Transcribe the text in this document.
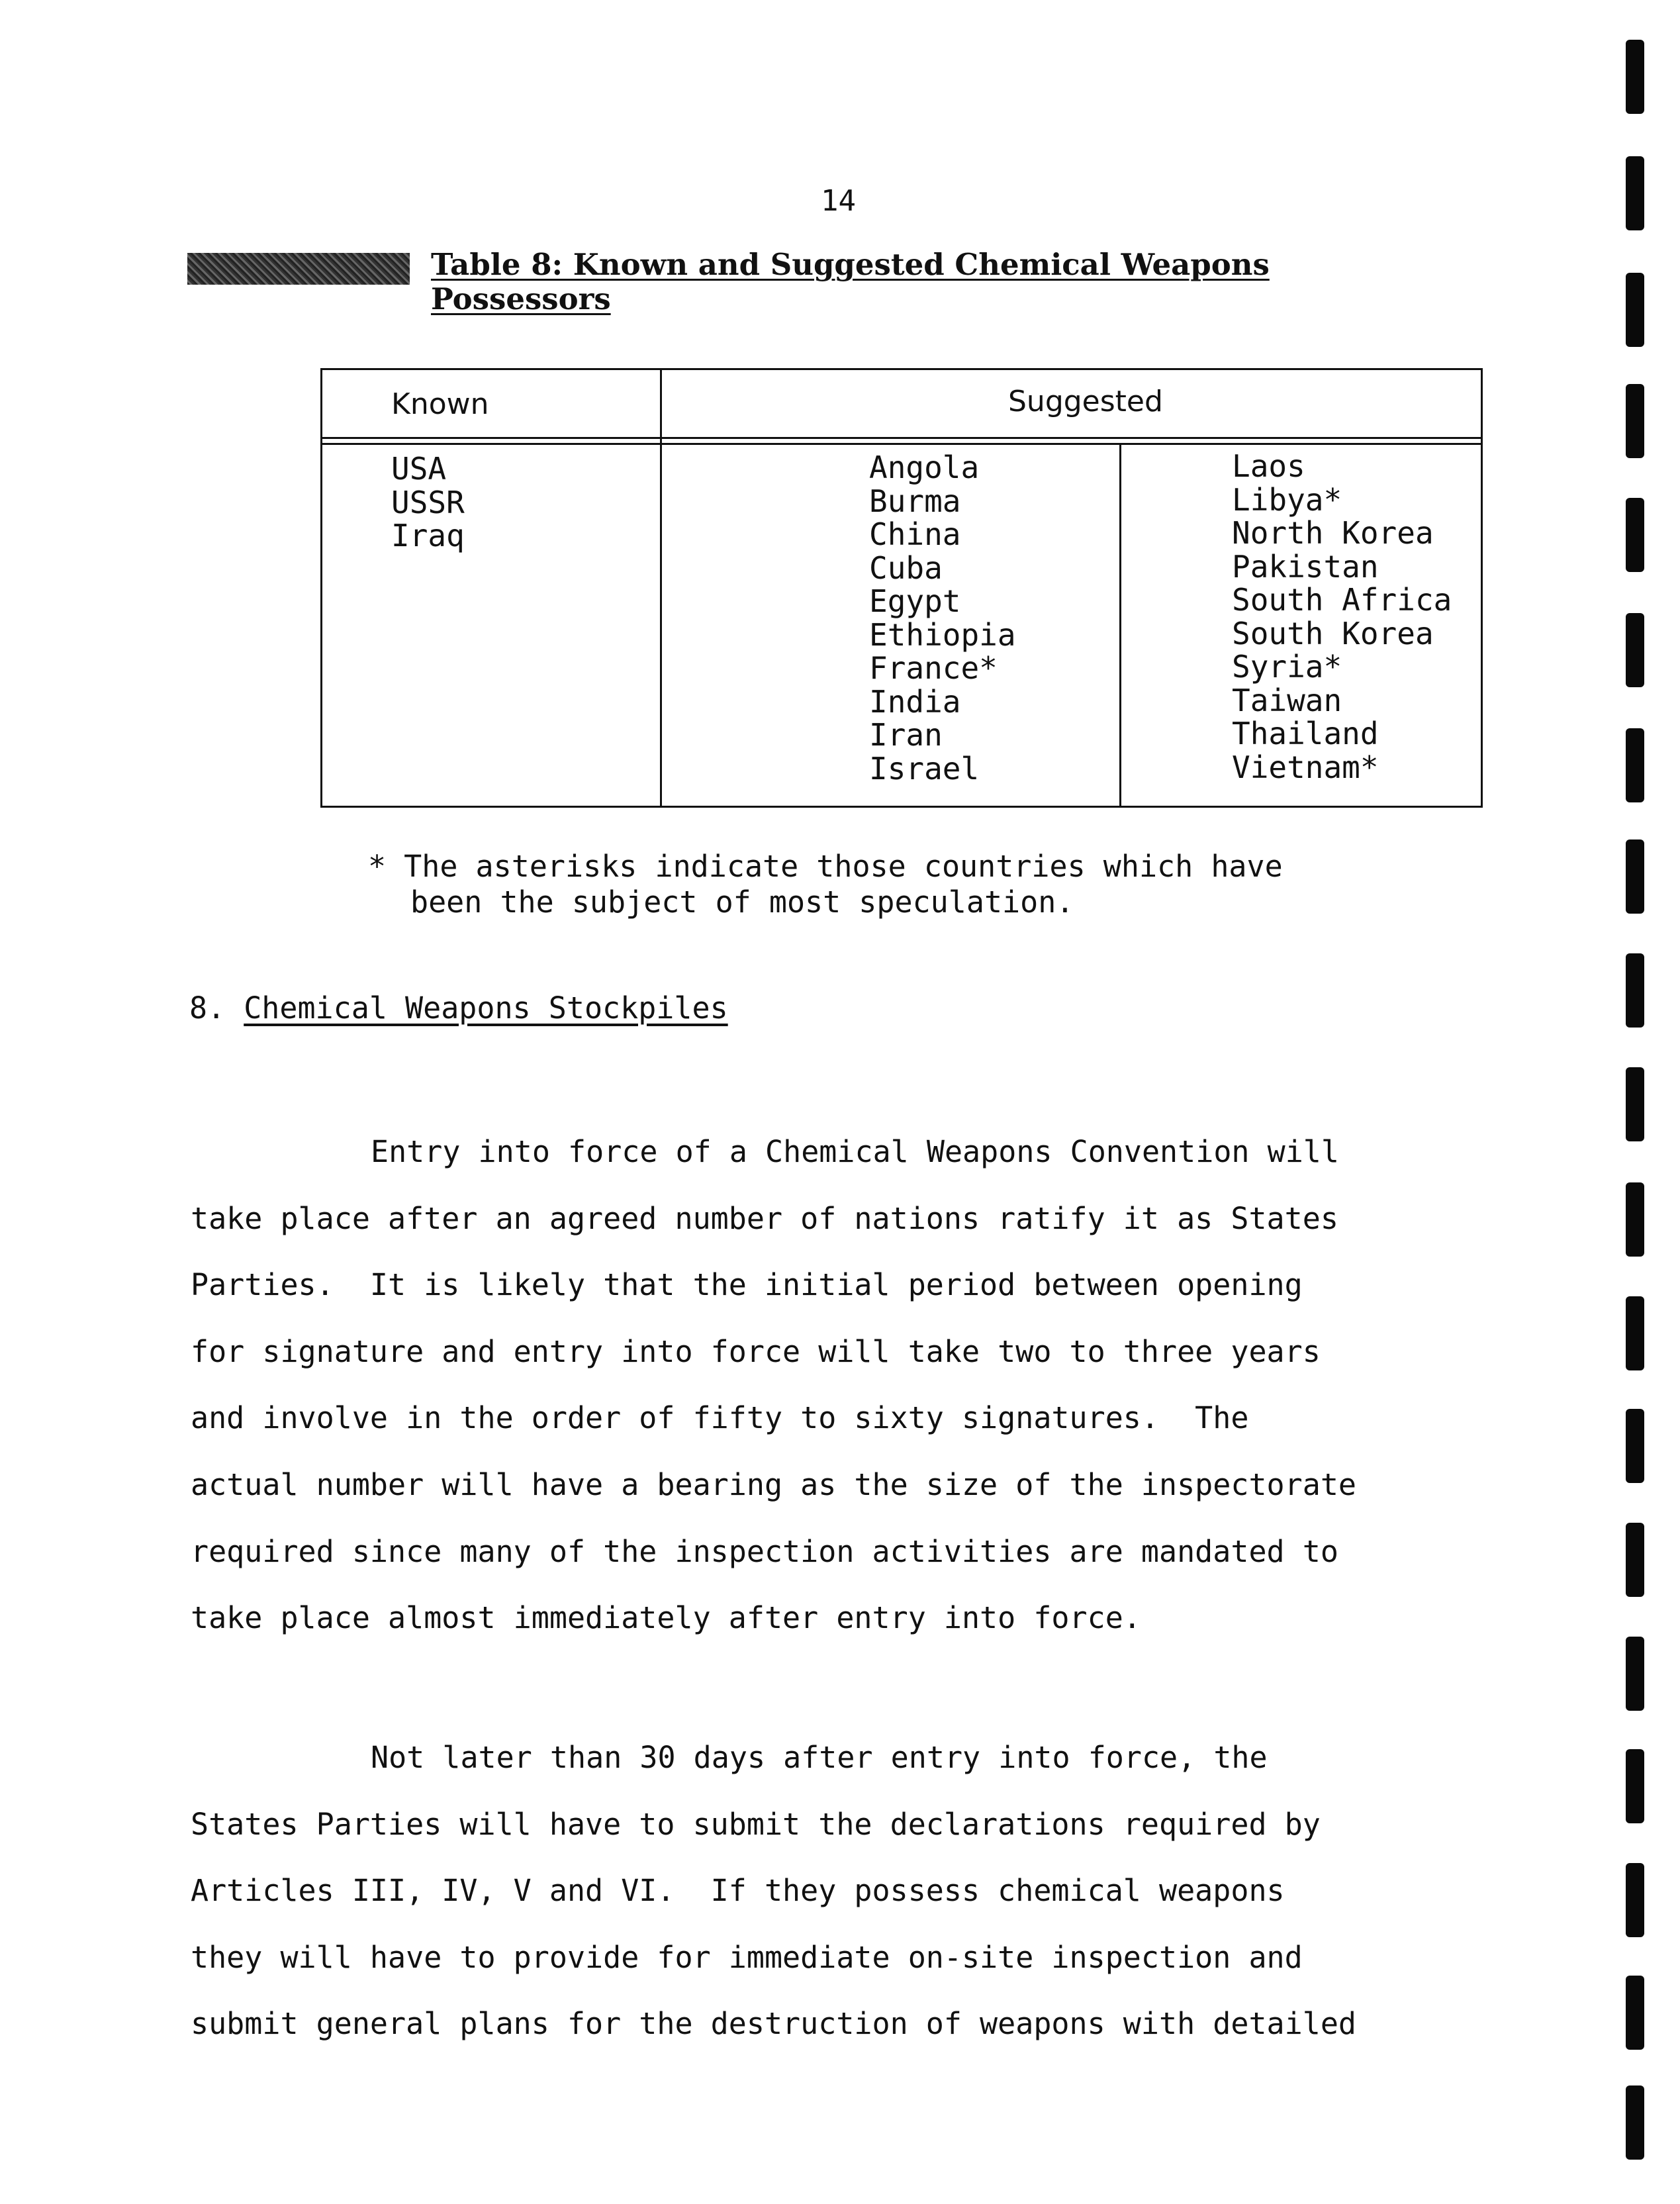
14
Table 8: Known and Suggested Chemical Weapons Possessors
Known	Suggested
USA
USSR
Iraq
Angola
Burma
China
Cuba
Egypt
Ethiopia
France*
India
Iran
Israel
Laos
Libya*
North Korea
Pakistan
South Africa
South Korea
Syria*
Taiwan
Thailand
Vietnam*
* The asterisks indicate those countries which have
been the subject of most speculation.
8. Chemical Weapons Stockpiles

Entry into force of a Chemical Weapons Convention will
take place after an agreed number of nations ratify it as States
Parties.  It is likely that the initial period between opening
for signature and entry into force will take two to three years
and involve in the order of fifty to sixty signatures.  The
actual number will have a bearing as the size of the inspectorate
required since many of the inspection activities are mandated to
take place almost immediately after entry into force.

Not later than 30 days after entry into force, the
States Parties will have to submit the declarations required by
Articles III, IV, V and VI.  If they possess chemical weapons
they will have to provide for immediate on-site inspection and
submit general plans for the destruction of weapons with detailed
